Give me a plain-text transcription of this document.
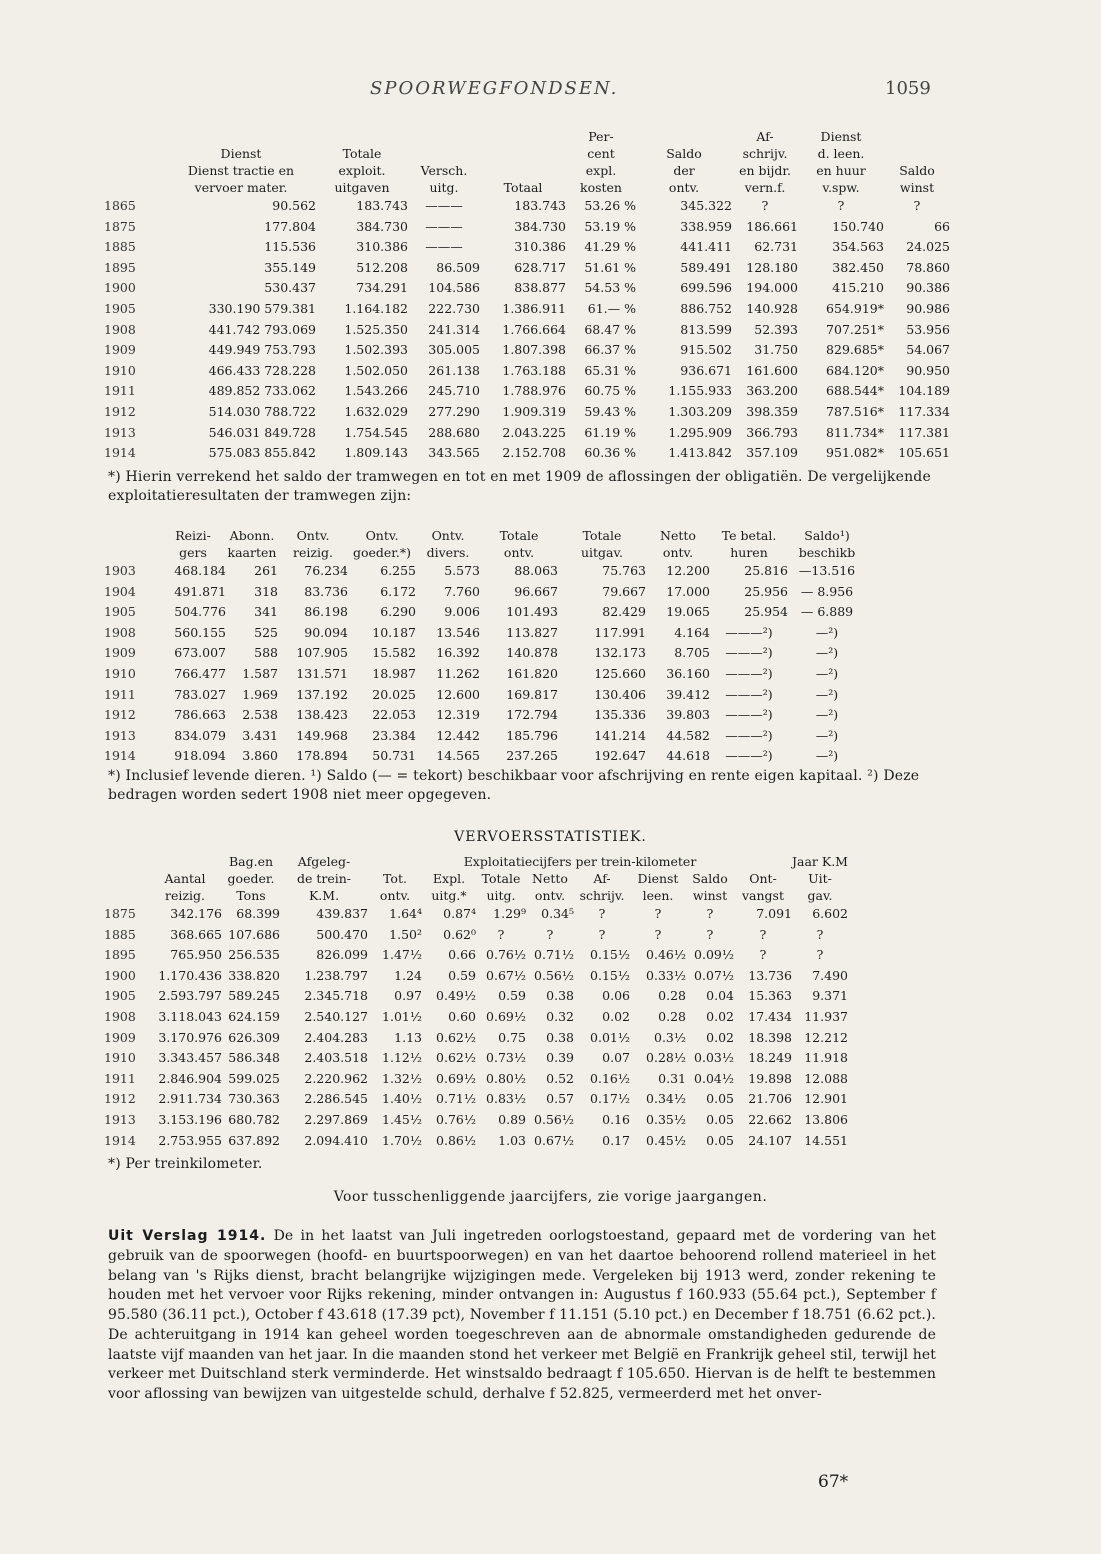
SPOORWEGFONDSEN.	1059
					Per-		Af-	Dienst	
	Dienst	Totale			cent	Saldo	schrijv.	d. leen.	
	Dienst tractie en	exploit.	Versch.		expl.	der	en bijdr.	en huur	Saldo
	vervoer mater.	uitgaven	uitg.	Totaal	kosten	ontv.	vern.f.	v.spw.	winst
1865	90.562	183.743	———	183.743	53.26 %	345.322	?	?	?
1875	177.804	384.730	———	384.730	53.19 %	338.959	186.661	150.740	66
1885	115.536	310.386	———	310.386	41.29 %	441.411	62.731	354.563	24.025
1895	355.149	512.208	86.509	628.717	51.61 %	589.491	128.180	382.450	78.860
1900	530.437	734.291	104.586	838.877	54.53 %	699.596	194.000	415.210	90.386
1905	330.190 579.381	1.164.182	222.730	1.386.911	61.— %	886.752	140.928	654.919*	90.986
1908	441.742 793.069	1.525.350	241.314	1.766.664	68.47 %	813.599	52.393	707.251*	53.956
1909	449.949 753.793	1.502.393	305.005	1.807.398	66.37 %	915.502	31.750	829.685*	54.067
1910	466.433 728.228	1.502.050	261.138	1.763.188	65.31 %	936.671	161.600	684.120*	90.950
1911	489.852 733.062	1.543.266	245.710	1.788.976	60.75 %	1.155.933	363.200	688.544*	104.189
1912	514.030 788.722	1.632.029	277.290	1.909.319	59.43 %	1.303.209	398.359	787.516*	117.334
1913	546.031 849.728	1.754.545	288.680	2.043.225	61.19 %	1.295.909	366.793	811.734*	117.381
1914	575.083 855.842	1.809.143	343.565	2.152.708	60.36 %	1.413.842	357.109	951.082*	105.651
*) Hierin verrekend het saldo der tramwegen en tot en met 1909 de aflossingen der obligatiën. De vergelijkende exploitatieresultaten der tramwegen zijn:
	Reizi-	Abonn.	Ontv.	Ontv.	Ontv.	Totale	Totale	Netto	Te betal.	Saldo¹)
	gers	kaarten	reizig.	goeder.*)	divers.	ontv.	uitgav.	ontv.	huren	beschikb
1903	468.184	261	76.234	6.255	5.573	88.063	75.763	12.200	25.816	—13.516
1904	491.871	318	83.736	6.172	7.760	96.667	79.667	17.000	25.956	— 8.956
1905	504.776	341	86.198	6.290	9.006	101.493	82.429	19.065	25.954	— 6.889
1908	560.155	525	90.094	10.187	13.546	113.827	117.991	4.164	———²)	—²)
1909	673.007	588	107.905	15.582	16.392	140.878	132.173	8.705	———²)	—²)
1910	766.477	1.587	131.571	18.987	11.262	161.820	125.660	36.160	———²)	—²)
1911	783.027	1.969	137.192	20.025	12.600	169.817	130.406	39.412	———²)	—²)
1912	786.663	2.538	138.423	22.053	12.319	172.794	135.336	39.803	———²)	—²)
1913	834.079	3.431	149.968	23.384	12.442	185.796	141.214	44.582	———²)	—²)
1914	918.094	3.860	178.894	50.731	14.565	237.265	192.647	44.618	———²)	—²)
*) Inclusief levende dieren. ¹) Saldo (— = tekort) beschikbaar voor afschrijving en rente eigen kapitaal. ²) Deze bedragen worden sedert 1908 niet meer opgegeven.
VERVOERSSTATISTIEK.
		Bag.en	Afgeleg-	Exploitatiecijfers per trein-kilometer								Jaar K.M
	Aantal	goeder.	de trein-	Tot.	Expl.	Totale	Netto	Af-	Dienst	Saldo	Ont-	Uit-
	reizig.	Tons	K.M.	ontv.	uitg.*	uitg.	ontv.	schrijv.	leen.	winst	vangst	gav.
1875	342.176	68.399	439.837	1.64⁴	0.87⁴	1.29⁹	0.34⁵	?	?	?	7.091	6.602
1885	368.665	107.686	500.470	1.50²	0.62⁰	?	?	?	?	?	?	?
1895	765.950	256.535	826.099	1.47½	0.66	0.76½	0.71½	0.15½	0.46½	0.09½	?	?
1900	1.170.436	338.820	1.238.797	1.24	0.59	0.67½	0.56½	0.15½	0.33½	0.07½	13.736	7.490
1905	2.593.797	589.245	2.345.718	0.97	0.49½	0.59	0.38	0.06	0.28	0.04	15.363	9.371
1908	3.118.043	624.159	2.540.127	1.01½	0.60	0.69½	0.32	0.02	0.28	0.02	17.434	11.937
1909	3.170.976	626.309	2.404.283	1.13	0.62½	0.75	0.38	0.01½	0.3½	0.02	18.398	12.212
1910	3.343.457	586.348	2.403.518	1.12½	0.62½	0.73½	0.39	0.07	0.28½	0.03½	18.249	11.918
1911	2.846.904	599.025	2.220.962	1.32½	0.69½	0.80½	0.52	0.16½	0.31	0.04½	19.898	12.088
1912	2.911.734	730.363	2.286.545	1.40½	0.71½	0.83½	0.57	0.17½	0.34½	0.05	21.706	12.901
1913	3.153.196	680.782	2.297.869	1.45½	0.76½	0.89	0.56½	0.16	0.35½	0.05	22.662	13.806
1914	2.753.955	637.892	2.094.410	1.70½	0.86½	1.03	0.67½	0.17	0.45½	0.05	24.107	14.551
*) Per treinkilometer.
Voor tusschenliggende jaarcijfers, zie vorige jaargangen.
Uit Verslag 1914. De in het laatst van Juli ingetreden oorlogstoestand, gepaard met de vordering van het gebruik van de spoorwegen (hoofd- en buurtspoorwegen) en van het daartoe behoorend rollend materieel in het belang van 's Rijks dienst, bracht belangrijke wijzigingen mede. Vergeleken bij 1913 werd, zonder rekening te houden met het vervoer voor Rijks rekening, minder ontvangen in: Augustus f 160.933 (55.64 pct.), September f 95.580 (36.11 pct.), October f 43.618 (17.39 pct), November f 11.151 (5.10 pct.) en December f 18.751 (6.62 pct.). De achteruitgang in 1914 kan geheel worden toegeschreven aan de abnormale omstandigheden gedurende de laatste vijf maanden van het jaar. In die maanden stond het verkeer met België en Frankrijk geheel stil, terwijl het verkeer met Duitschland sterk verminderde. Het winstsaldo bedraagt f 105.650. Hiervan is de helft te bestemmen voor aflossing van bewijzen van uitgestelde schuld, derhalve f 52.825, vermeerderd met het onver-
67*
